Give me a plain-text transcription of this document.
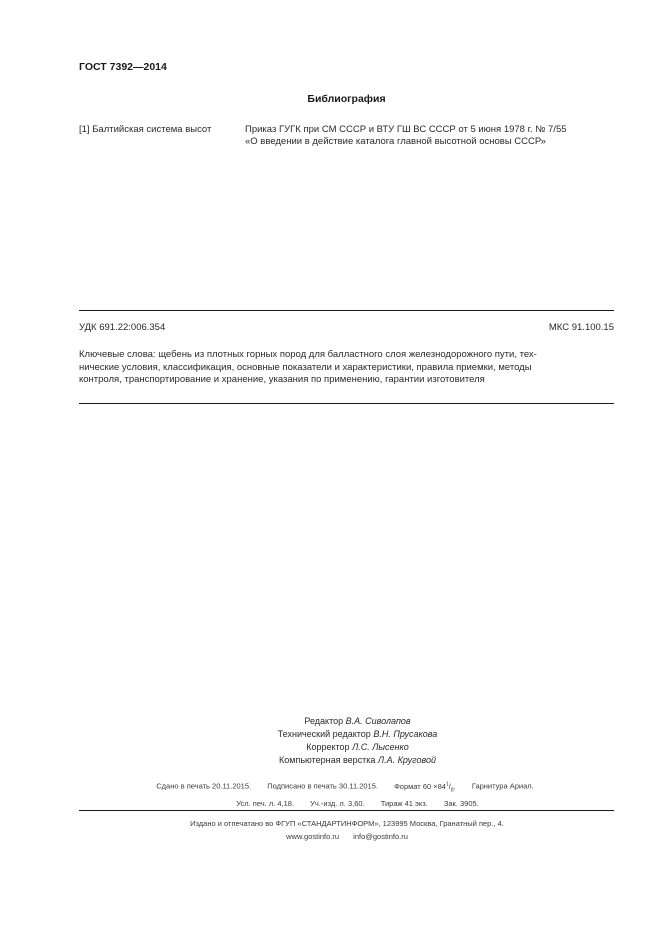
ГОСТ 7392—2014
Библиография
[1] Балтийская система высот	Приказ ГУГК при СМ СССР и ВТУ ГШ ВС СССР от 5 июня 1978 г. № 7/55
«О введении в действие каталога главной высотной основы СССР»
УДК 691.22:006.354	МКС 91.100.15
Ключевые слова: щебень из плотных горных пород для балластного слоя железнодорожного пути, тех-
нические условия, классификация, основные показатели и характеристики, правила приемки, методы
контроля, транспортирование и хранение, указания по применению, гарантии изготовителя
Редактор В.А. Сиволапов
Технический редактор В.Н. Прусакова
Корректор Л.С. Лысенко
Компьютерная верстка Л.А. Круговой
Сдано в печать 20.11.2015. Подписано в печать 30.11.2015. Формат $60 \times 84^1/_8$. Гарнитура Ариал.
Усл. печ. л. 4,18. Уч.-изд. л. 3,60. Тираж 41 экз. Зак. 3905.
Издано и отпечатано во ФГУП «СТАНДАРТИНФОРМ», 123995 Москва, Гранатный пер., 4.
www.gostinfo.ru info@gostinfo.ru
